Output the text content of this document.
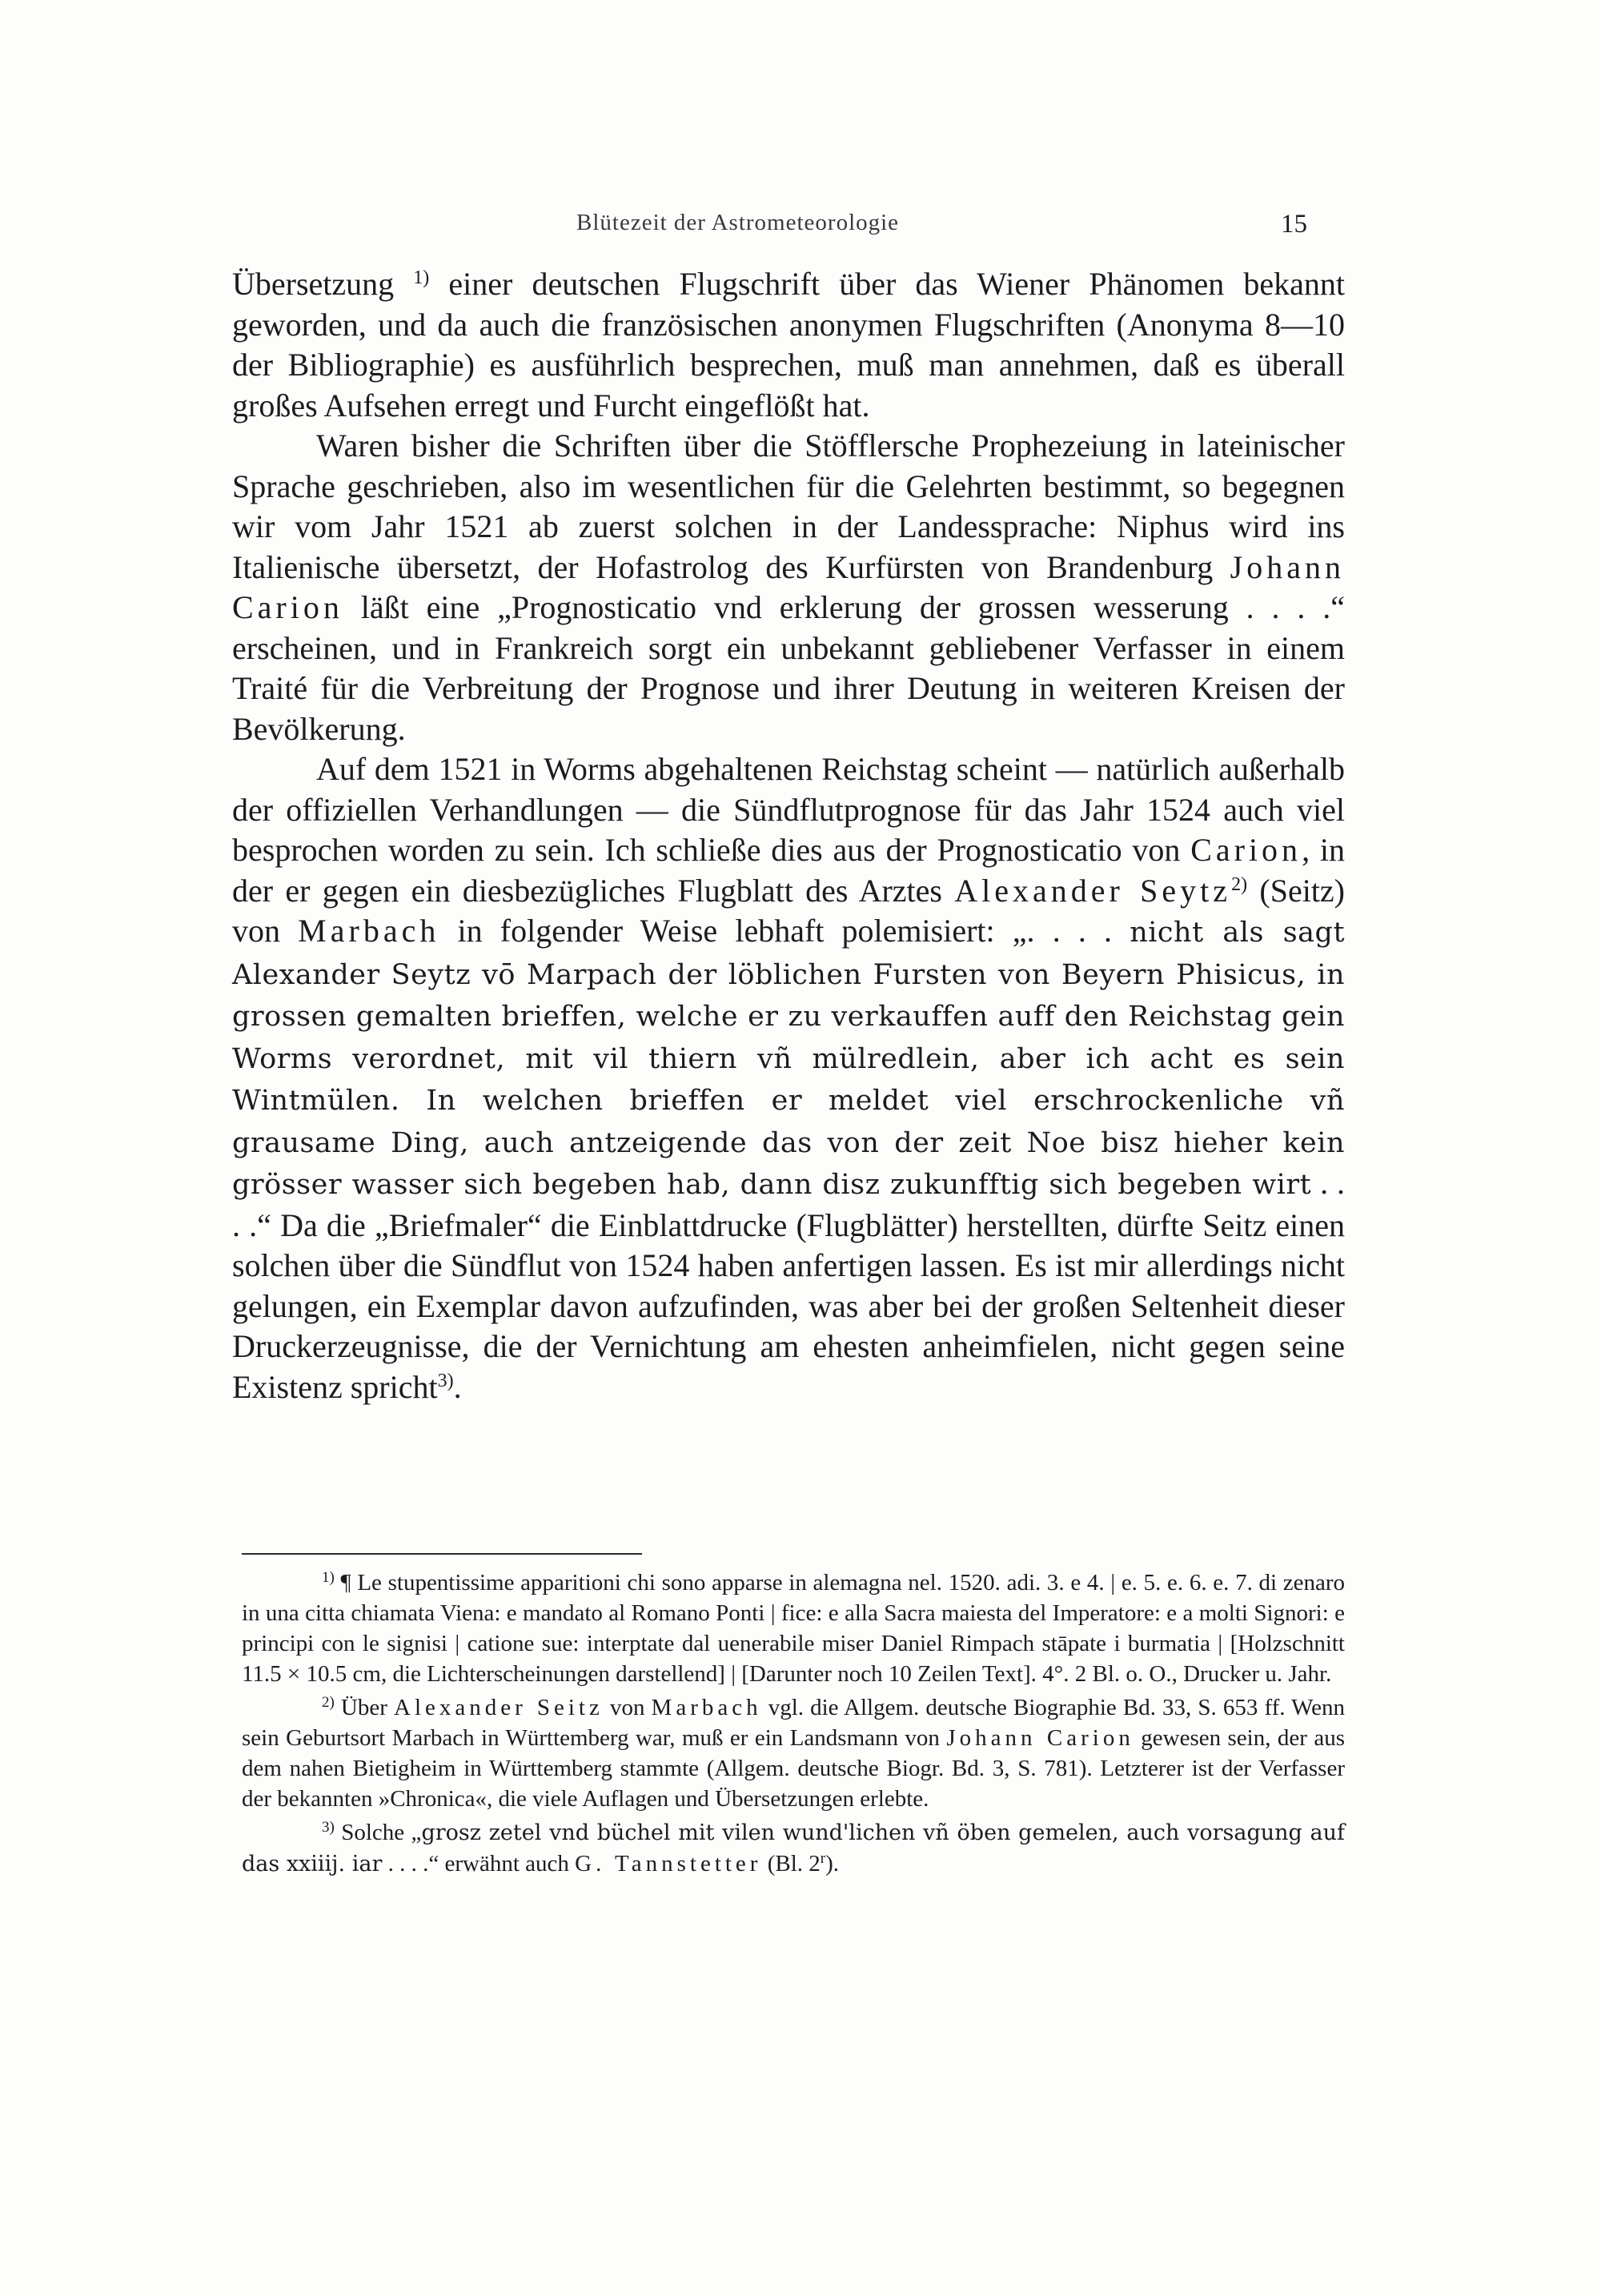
Blütezeit der Astrometeorologie	15

Übersetzung $^{1)}$ einer deutschen Flugschrift über das Wiener Phänomen bekannt geworden, und da auch die französischen anonymen Flugschriften (Anonyma 8—10 der Bibliographie) es ausführlich besprechen, muß man annehmen, daß es überall großes Aufsehen erregt und Furcht eingeflößt hat.

Waren bisher die Schriften über die Stöfflersche Prophezeiung in lateinischer Sprache geschrieben, also im wesentlichen für die Gelehrten bestimmt, so begegnen wir vom Jahr 1521 ab zuerst solchen in der Landessprache: Niphus wird ins Italienische übersetzt, der Hofastrolog des Kurfürsten von Brandenburg Johann Carion läßt eine „Prognosticatio vnd erklerung der grossen wesserung . . . .“ erscheinen, und in Frankreich sorgt ein unbekannt gebliebener Verfasser in einem Traité für die Verbreitung der Prognose und ihrer Deutung in weiteren Kreisen der Bevölkerung.

Auf dem 1521 in Worms abgehaltenen Reichstag scheint — natürlich außerhalb der offiziellen Verhandlungen — die Sündflutprognose für das Jahr 1524 auch viel besprochen worden zu sein. Ich schließe dies aus der Prognosticatio von Carion, in der er gegen ein diesbezügliches Flugblatt des Arztes Alexander Seytz$^{2)}$ (Seitz) von Marbach in folgender Weise lebhaft polemisiert: „. . . . nicht als sagt Alexander Seytz vō Marpach der löblichen Fursten von Beyern Phisicus, in grossen gemalten brieffen, welche er zu verkauffen auff den Reichstag gein Worms verordnet, mit vil thiern vñ mülredlein, aber ich acht es sein Wintmülen. In welchen brieffen er meldet viel erschrockenliche vñ grausame Ding, auch antzeigende das von der zeit Noe bisz hieher kein grösser wasser sich begeben hab, dann disz zukunfftig sich begeben wirt . . . .“ Da die „Briefmaler“ die Einblattdrucke (Flugblätter) herstellten, dürfte Seitz einen solchen über die Sündflut von 1524 haben anfertigen lassen. Es ist mir allerdings nicht gelungen, ein Exemplar davon aufzufinden, was aber bei der großen Seltenheit dieser Druckerzeugnisse, die der Vernichtung am ehesten anheimfielen, nicht gegen seine Existenz spricht$^{3)}$.

$^{1)}$ ¶ Le stupentissime apparitioni chi sono apparse in alemagna nel. 1520. adi. 3. e 4. | e. 5. e. 6. e. 7. di zenaro in una citta chiamata Viena: e mandato al Romano Ponti | fice: e alla Sacra maiesta del Imperatore: e a molti Signori: e principi con le signisi | catione sue: interptate dal uenerabile miser Daniel Rimpach stāpate i burmatia | [Holzschnitt 11.5 × 10.5 cm, die Lichterscheinungen darstellend] | [Darunter noch 10 Zeilen Text]. 4°. 2 Bl. o. O., Drucker u. Jahr.

$^{2)}$ Über Alexander Seitz von Marbach vgl. die Allgem. deutsche Biographie Bd. 33, S. 653 ff. Wenn sein Geburtsort Marbach in Württemberg war, muß er ein Landsmann von Johann Carion gewesen sein, der aus dem nahen Bietigheim in Württemberg stammte (Allgem. deutsche Biogr. Bd. 3, S. 781). Letzterer ist der Verfasser der bekannten »Chronica«, die viele Auflagen und Übersetzungen erlebte.

$^{3)}$ Solche „grosz zetel vnd büchel mit vilen wund'lichen vñ öben gemelen, auch vorsagung auf das xxiiij. iar . . . .“ erwähnt auch G. Tannstetter (Bl. 2$^r$).
